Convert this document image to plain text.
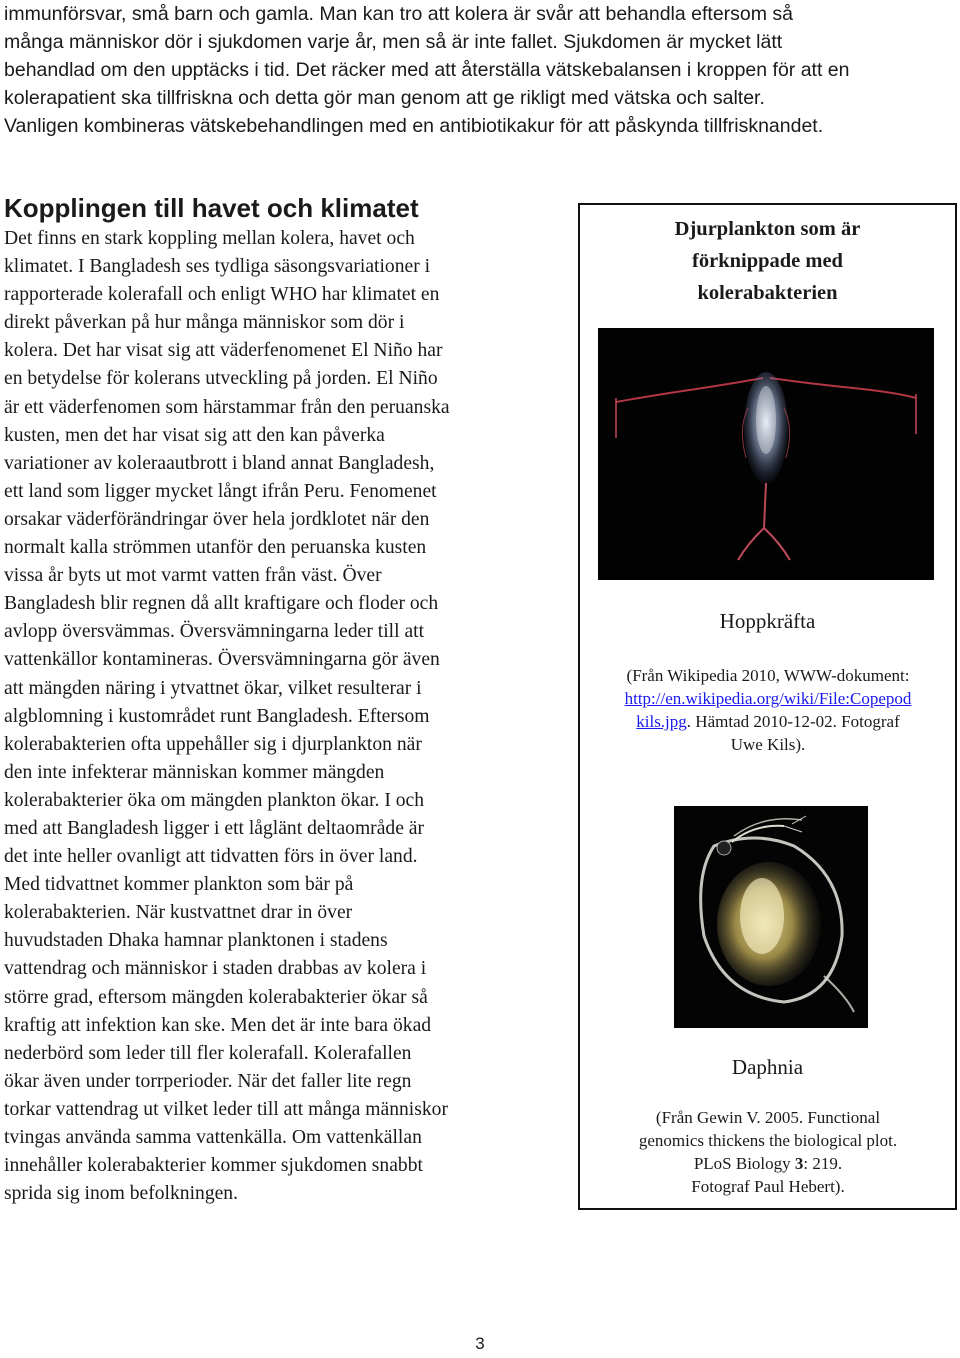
immunförsvar, små barn och gamla. Man kan tro att kolera är svår att behandla eftersom så
många människor dör i sjukdomen varje år, men så är inte fallet. Sjukdomen är mycket lätt
behandlad om den upptäcks i tid. Det räcker med att återställa vätskebalansen i kroppen för att en
kolerapatient ska tillfriskna och detta gör man genom att ge rikligt med vätska och salter.
Vanligen kombineras vätskebehandlingen med en antibiotikakur för att påskynda tillfrisknandet.

Kopplingen till havet och klimatet

Det finns en stark koppling mellan kolera, havet och
klimatet. I Bangladesh ses tydliga säsongsvariationer i
rapporterade kolerafall och enligt WHO har klimatet en
direkt påverkan på hur många människor som dör i
kolera. Det har visat sig att väderfenomenet El Niño har
en betydelse för kolerans utveckling på jorden. El Niño
är ett väderfenomen som härstammar från den peruanska
kusten, men det har visat sig att den kan påverka
variationer av koleraautbrott i bland annat Bangladesh,
ett land som ligger mycket långt ifrån Peru. Fenomenet
orsakar väderförändringar över hela jordklotet när den
normalt kalla strömmen utanför den peruanska kusten
vissa år byts ut mot varmt vatten från väst. Över
Bangladesh blir regnen då allt kraftigare och floder och
avlopp översvämmas. Översvämningarna leder till att
vattenkällor kontamineras. Översvämningarna gör även
att mängden näring i ytvattnet ökar, vilket resulterar i
algblomning i kustområdet runt Bangladesh. Eftersom
kolerabakterien ofta uppehåller sig i djurplankton när
den inte infekterar människan kommer mängden
kolerabakterier öka om mängden plankton ökar. I och
med att Bangladesh ligger i ett låglänt deltaområde är
det inte heller ovanligt att tidvatten förs in över land.
Med tidvattnet kommer plankton som bär på
kolerabakterien. När kustvattnet drar in över
huvudstaden Dhaka hamnar planktonen i stadens
vattendrag och människor i staden drabbas av kolera i
större grad, eftersom mängden kolerabakterier ökar så
kraftig att infektion kan ske. Men det är inte bara ökad
nederbörd som leder till fler kolerafall. Kolerafallen
ökar även under torrperioder. När det faller lite regn
torkar vattendrag ut vilket leder till att många människor
tvingas använda samma vattenkälla. Om vattenkällan
innehåller kolerabakterier kommer sjukdomen snabbt
sprida sig inom befolkningen.

Djurplankton som är
förknippade med
kolerabakterien

Hoppkräfta

(Från Wikipedia 2010, WWW-dokument:
http://en.wikipedia.org/wiki/File:Copepod
kils.jpg. Hämtad 2010-12-02. Fotograf
Uwe Kils).

Daphnia

(Från Gewin V. 2005. Functional
genomics thickens the biological plot.
PLoS Biology 3: 219.
Fotograf Paul Hebert).

3
